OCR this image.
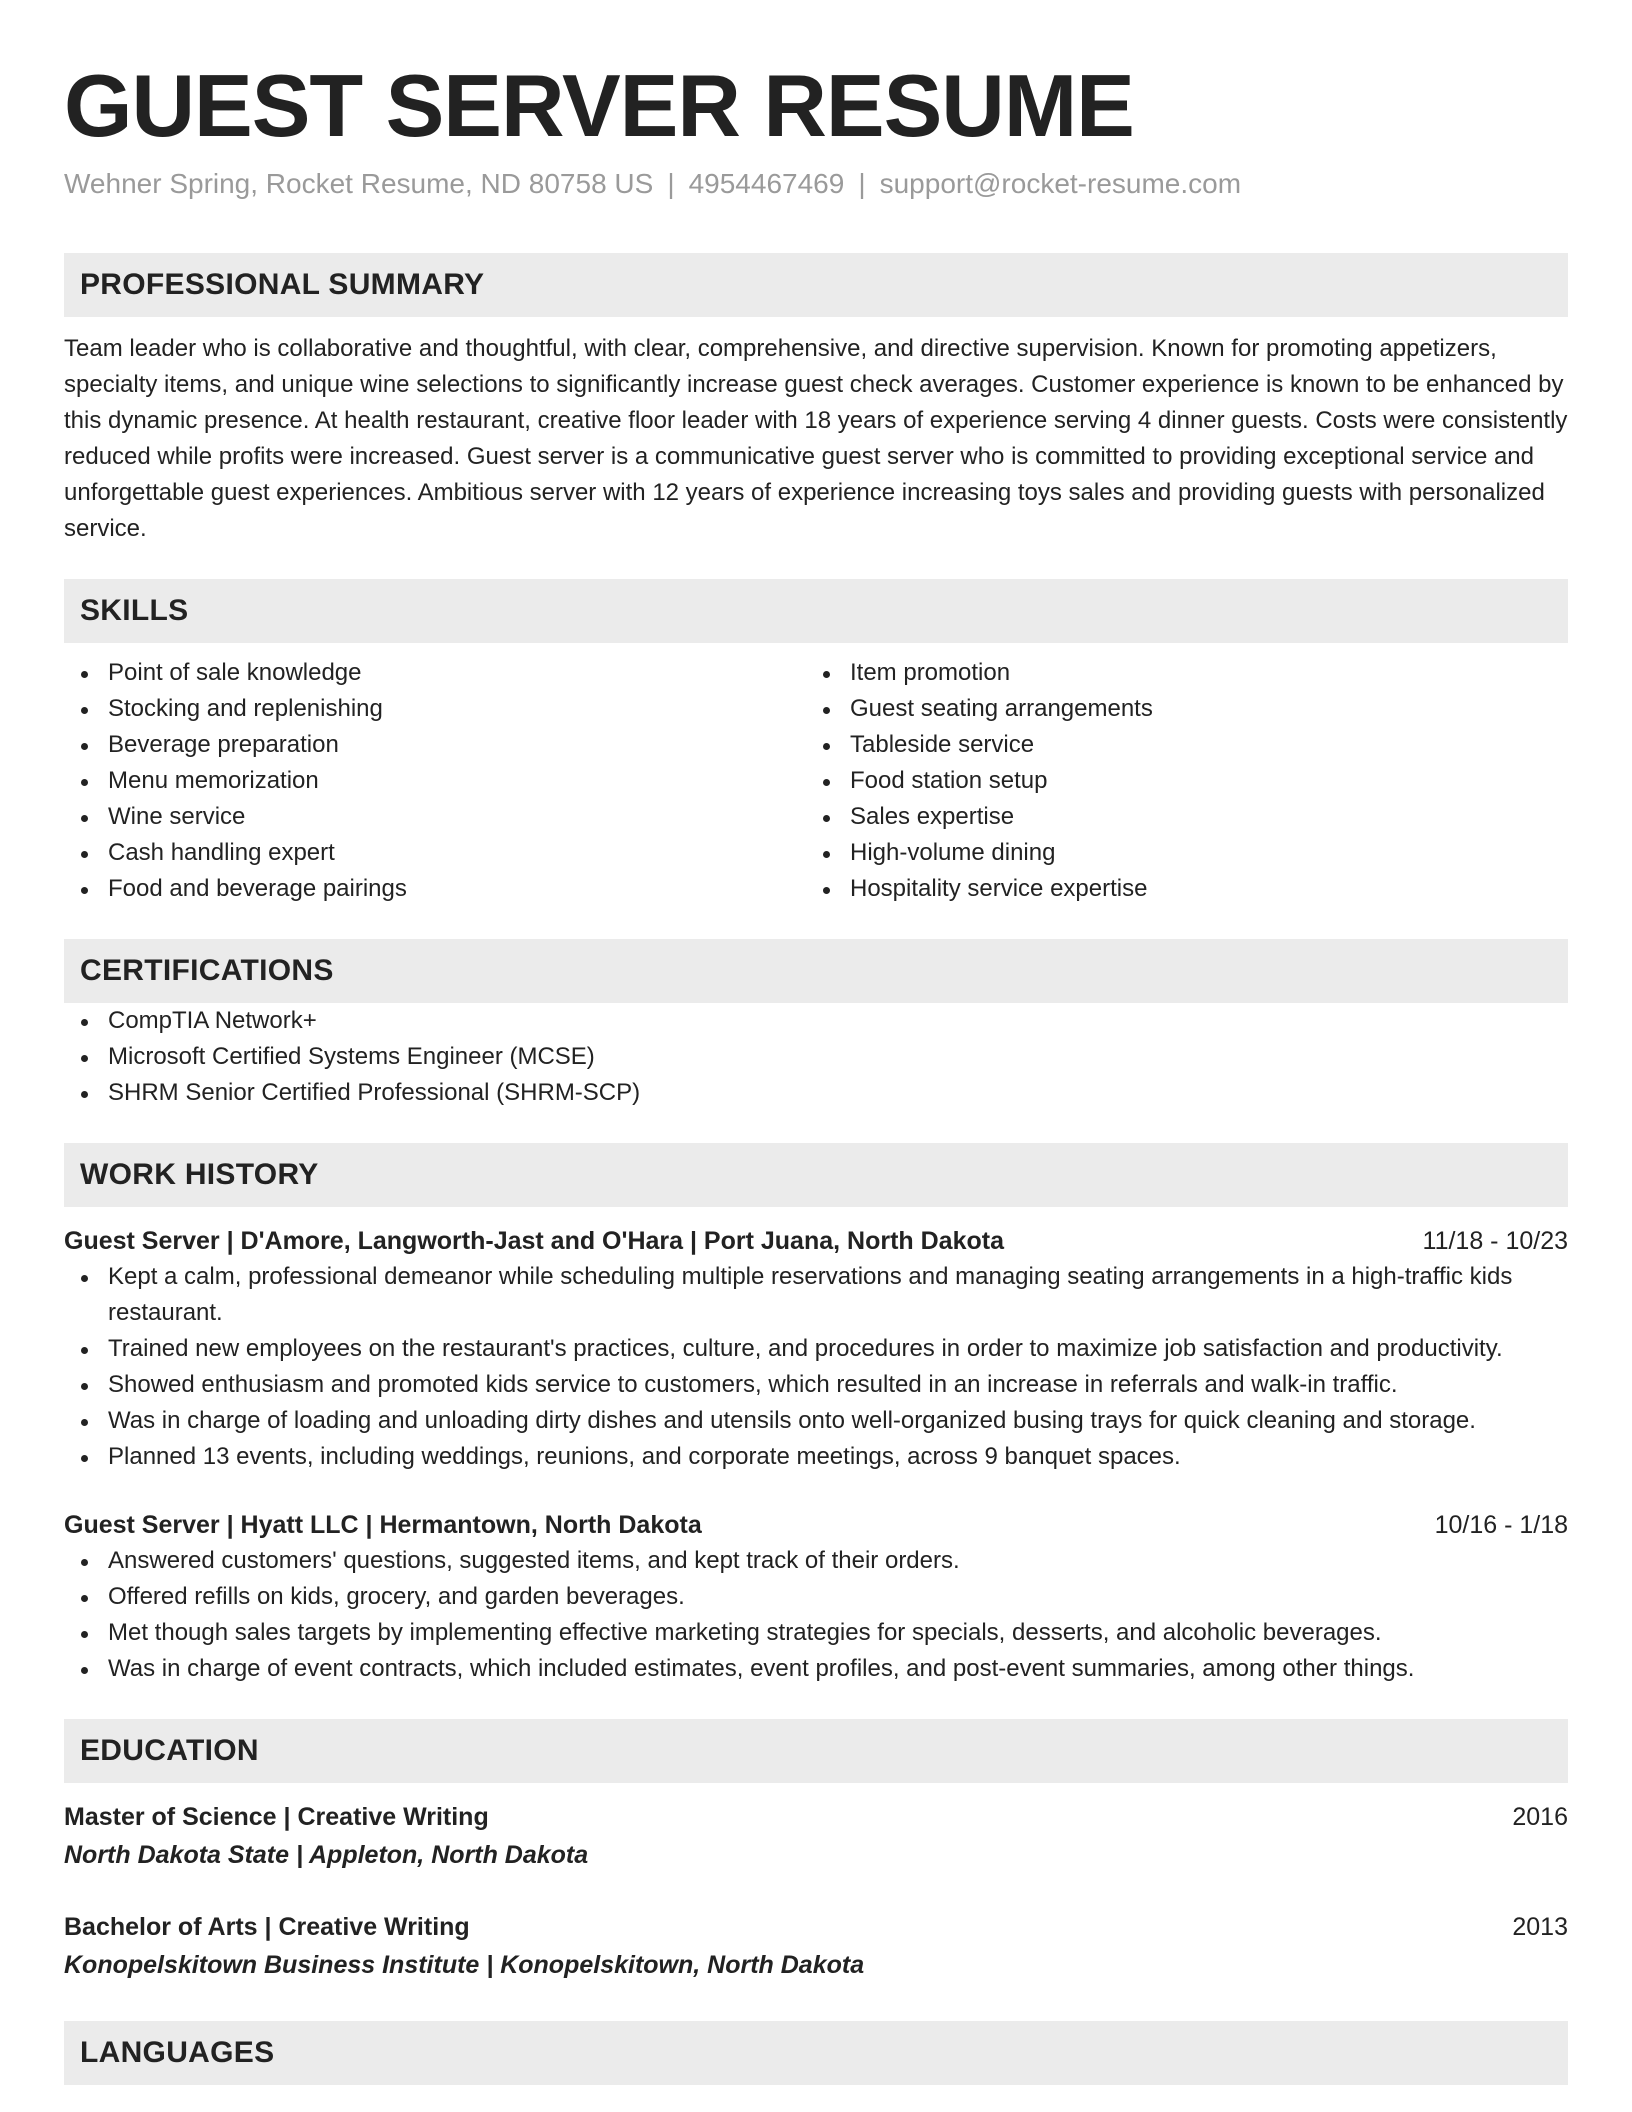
GUEST SERVER RESUME
Wehner Spring, Rocket Resume, ND 80758 US | 4954467469 | support@rocket-resume.com
PROFESSIONAL SUMMARY
Team leader who is collaborative and thoughtful, with clear, comprehensive, and directive supervision. Known for promoting appetizers, specialty items, and unique wine selections to significantly increase guest check averages. Customer experience is known to be enhanced by this dynamic presence. At health restaurant, creative floor leader with 18 years of experience serving 4 dinner guests. Costs were consistently reduced while profits were increased. Guest server is a communicative guest server who is committed to providing exceptional service and unforgettable guest experiences. Ambitious server with 12 years of experience increasing toys sales and providing guests with personalized service.
SKILLS
Point of sale knowledge
Stocking and replenishing
Beverage preparation
Menu memorization
Wine service
Cash handling expert
Food and beverage pairings
Item promotion
Guest seating arrangements
Tableside service
Food station setup
Sales expertise
High-volume dining
Hospitality service expertise
CERTIFICATIONS
CompTIA Network+
Microsoft Certified Systems Engineer (MCSE)
SHRM Senior Certified Professional (SHRM-SCP)
WORK HISTORY
Guest Server | D'Amore, Langworth-Jast and O'Hara | Port Juana, North Dakota	11/18 - 10/23
Kept a calm, professional demeanor while scheduling multiple reservations and managing seating arrangements in a high-traffic kids restaurant.
Trained new employees on the restaurant's practices, culture, and procedures in order to maximize job satisfaction and productivity.
Showed enthusiasm and promoted kids service to customers, which resulted in an increase in referrals and walk-in traffic.
Was in charge of loading and unloading dirty dishes and utensils onto well-organized busing trays for quick cleaning and storage.
Planned 13 events, including weddings, reunions, and corporate meetings, across 9 banquet spaces.
Guest Server | Hyatt LLC | Hermantown, North Dakota	10/16 - 1/18
Answered customers' questions, suggested items, and kept track of their orders.
Offered refills on kids, grocery, and garden beverages.
Met though sales targets by implementing effective marketing strategies for specials, desserts, and alcoholic beverages.
Was in charge of event contracts, which included estimates, event profiles, and post-event summaries, among other things.
EDUCATION
Master of Science | Creative Writing	2016
North Dakota State | Appleton, North Dakota
Bachelor of Arts | Creative Writing	2013
Konopelskitown Business Institute | Konopelskitown, North Dakota
LANGUAGES
